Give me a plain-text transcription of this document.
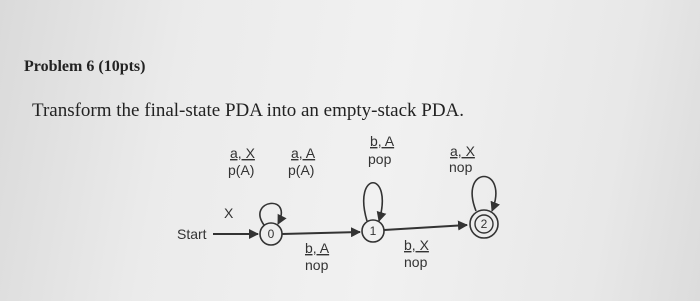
Problem 6 (10pts)
Transform the final-state PDA into an empty-stack PDA.
Start
X
0	1	2
a, X
p(A)
a, A
p(A)
b, A
pop	a, X
nop
b, A
nop
b, X
nop
